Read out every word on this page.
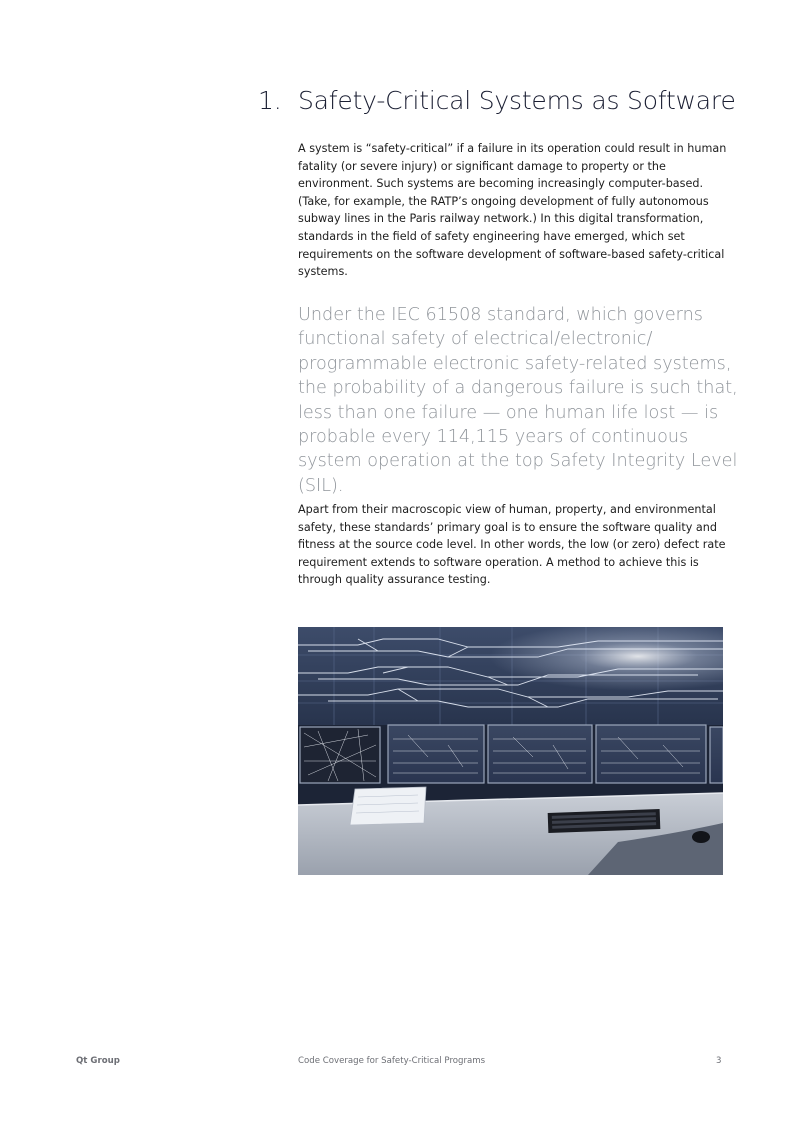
1. Safety-Critical Systems as Software

A system is “safety-critical” if a failure in its operation could result in human fatality (or severe injury) or significant damage to property or the environment. Such systems are becoming increasingly computer-based. (Take, for example, the RATP’s ongoing development of fully autonomous subway lines in the Paris railway network.) In this digital transformation, standards in the field of safety engineering have emerged, which set requirements on the software development of software-based safety-critical systems.

Under the IEC 61508 standard, which governs functional safety of electrical/electronic/ programmable electronic safety-related systems, the probability of a dangerous failure is such that, less than one failure — one human life lost — is probable every 114,115 years of continuous system operation at the top Safety Integrity Level (SIL).

Apart from their macroscopic view of human, property, and environmental safety, these standards’ primary goal is to ensure the software quality and fitness at the source code level. In other words, the low (or zero) defect rate requirement extends to software operation. A method to achieve this is through quality assurance testing.

Qt Group	Code Coverage for Safety-Critical Programs	3
